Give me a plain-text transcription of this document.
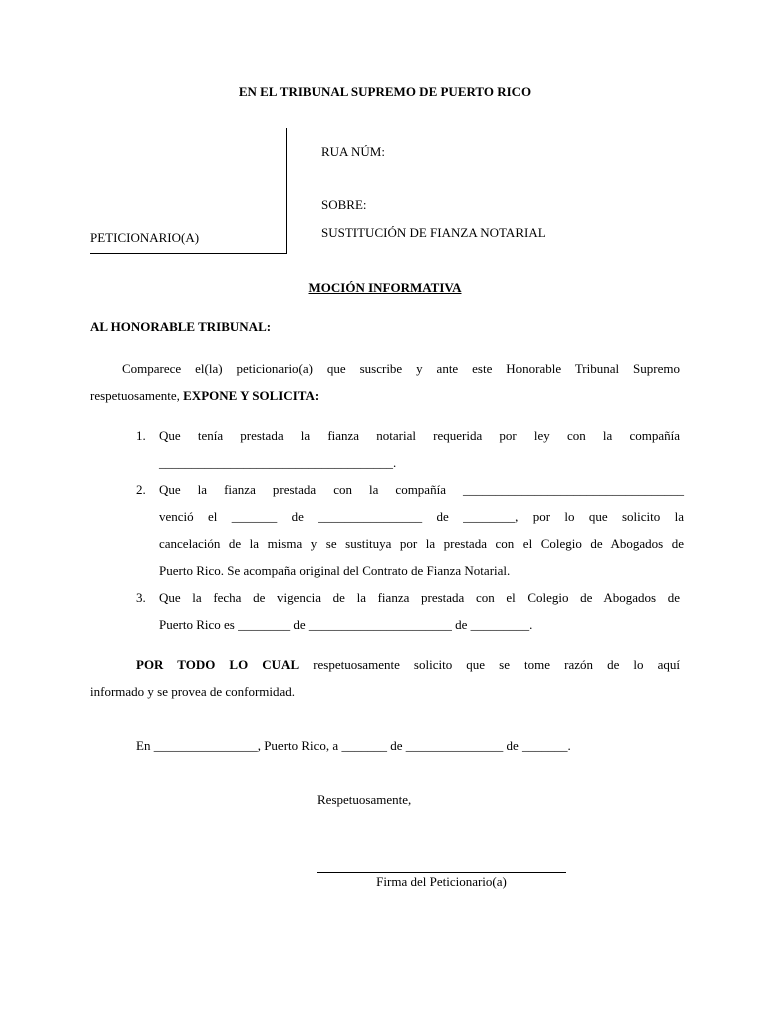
EN EL TRIBUNAL SUPREMO DE PUERTO RICO
RUA NÚM:
SOBRE:
SUSTITUCIÓN DE FIANZA NOTARIAL
PETICIONARIO(A)
MOCIÓN INFORMATIVA
AL HONORABLE TRIBUNAL:
Comparece el(la) peticionario(a) que suscribe y ante este Honorable Tribunal Supremo
respetuosamente, EXPONE Y SOLICITA:
1. Que tenía prestada la fianza notarial requerida por ley con la compañía
____________________________________.
2. Que la fianza prestada con la compañía __________________________________
venció el _______ de ________________ de ________, por lo que solicito la
cancelación de la misma y se sustituya por la prestada con el Colegio de Abogados de
Puerto Rico. Se acompaña original del Contrato de Fianza Notarial.
3. Que la fecha de vigencia de la fianza prestada con el Colegio de Abogados de
Puerto Rico es ________ de ______________________ de _________.
POR TODO LO CUAL respetuosamente solicito que se tome razón de lo aquí
informado y se provea de conformidad.
En ________________, Puerto Rico, a _______ de _______________ de _______.
Respetuosamente,
Firma del Peticionario(a)
